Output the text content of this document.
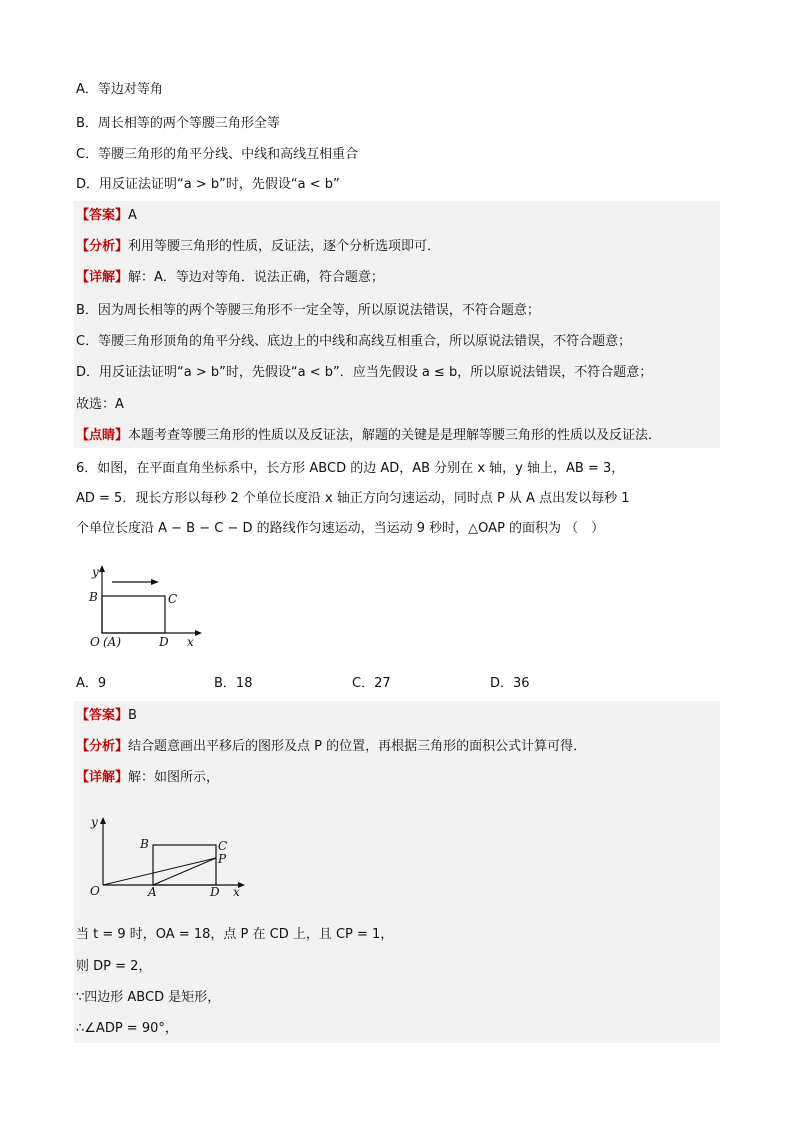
A．等边对等角
B．周长相等的两个等腰三角形全等
C．等腰三角形的角平分线、中线和高线互相重合
D．用反证法证明“a > b”时，先假设“a < b”
【答案】A
【分析】利用等腰三角形的性质，反证法，逐个分析选项即可．
【详解】解：A．等边对等角．说法正确，符合题意；
B．因为周长相等的两个等腰三角形不一定全等，所以原说法错误，不符合题意；
C．等腰三角形顶角的角平分线、底边上的中线和高线互相重合，所以原说法错误，不符合题意；
D．用反证法证明“a > b”时，先假设“a < b”．应当先假设 a ≤ b，所以原说法错误，不符合题意；
故选：A
【点睛】本题考查等腰三角形的性质以及反证法，解题的关键是是理解等腰三角形的性质以及反证法．
6．如图，在平面直角坐标系中，长方形 ABCD 的边 AD，AB 分别在 x 轴，y 轴上，AB = 3，
AD = 5．现长方形以每秒 2 个单位长度沿 x 轴正方向匀速运动，同时点 P 从 A 点出发以每秒 1
个单位长度沿 A − B − C − D 的路线作匀速运动，当运动 9 秒时，△OAP 的面积为 （　）
y
B	C
O (A)	D x
A．9	B．18	C．27	D．36
【答案】B
【分析】结合题意画出平移后的图形及点 P 的位置，再根据三角形的面积公式计算可得．
【详解】解：如图所示，
y
B	C
P
O	A	D x
当 t = 9 时，OA = 18，点 P 在 CD 上，且 CP = 1，
则 DP = 2，
∵四边形 ABCD 是矩形，
∴∠ADP = 90°，
